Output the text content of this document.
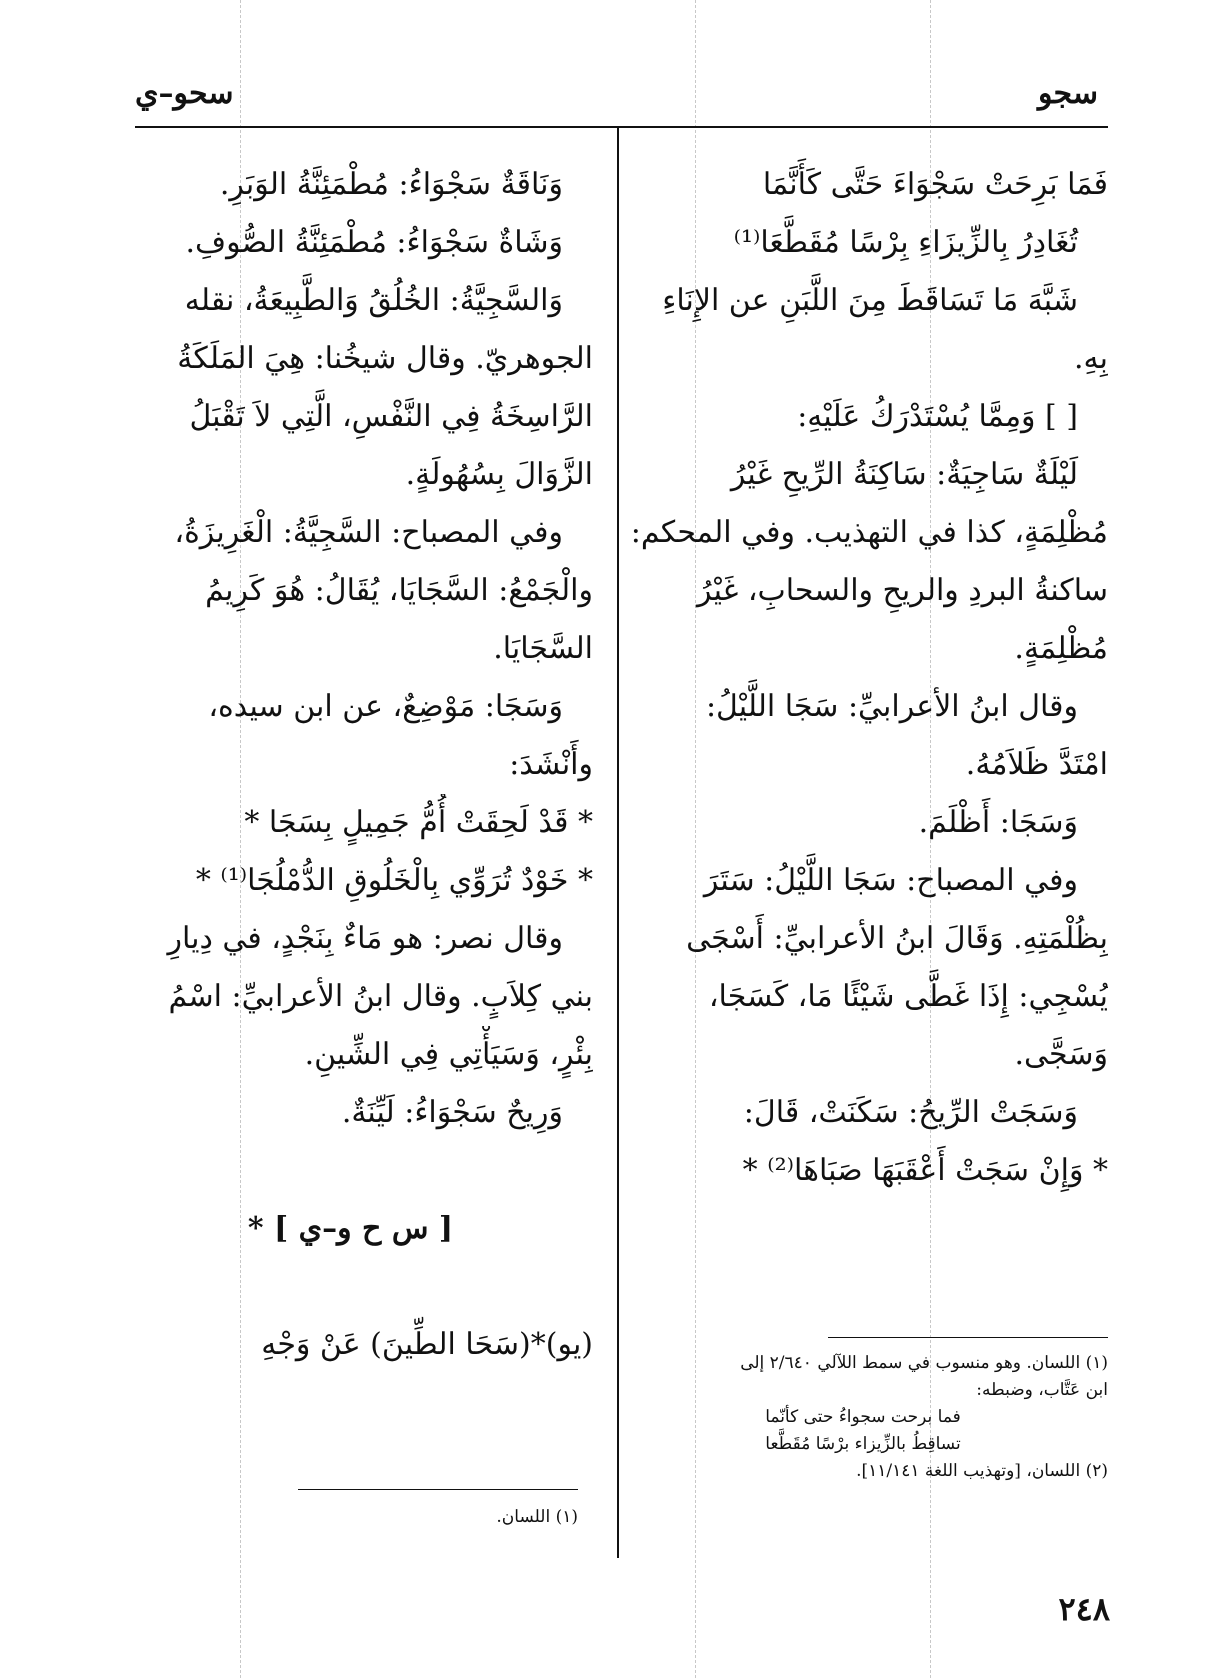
سجو
سحو–ي
فَمَا بَرِحَتْ سَجْوَاءَ حَتَّى كَأَنَّمَا
تُغَادِرُ بِالزِّيزَاءِ بِرْسًا مُقَطَّعَا⁽¹⁾
شَبَّهَ مَا تَسَاقَطَ مِنَ اللَّبَنِ عن الإِنَاءِ
بِهِ.
[ ] وَمِمَّا يُسْتَدْرَكُ عَلَيْهِ:
لَيْلَةٌ سَاجِيَةٌ: سَاكِنَةُ الرِّيحِ غَيْرُ
مُظْلِمَةٍ، كذا في التهذيب. وفي المحكم:
ساكنةُ البردِ والريحِ والسحابِ، غَيْرُ
مُظْلِمَةٍ.
وقال ابنُ الأعرابيِّ: سَجَا اللَّيْلُ:
امْتَدَّ ظَلاَمُهُ.
وَسَجَا: أَظْلَمَ.
وفي المصباح: سَجَا اللَّيْلُ: سَتَرَ
بِظُلْمَتِهِ. وَقَالَ ابنُ الأعرابيِّ: أَسْجَى
يُسْجِي: إِذَا غَطَّى شَيْئًا مَا، كَسَجَا،
وَسَجَّى.
وَسَجَتْ الرِّيحُ: سَكَنَتْ، قَالَ:
* وَإِنْ سَجَتْ أَعْقَبَهَا صَبَاهَا⁽²⁾ *
وَنَاقَةٌ سَجْوَاءُ: مُطْمَئِنَّةُ الوَبَرِ.
وَشَاةٌ سَجْوَاءُ: مُطْمَئِنَّةُ الصُّوفِ.
وَالسَّجِيَّةُ: الخُلُقُ وَالطَّبِيعَةُ، نقله
الجوهريّ. وقال شيخُنا: هِيَ المَلَكَةُ
الرَّاسِخَةُ فِي النَّفْسِ، الَّتِي لاَ تَقْبَلُ
الزَّوَالَ بِسُهُولَةٍ.
وفي المصباح: السَّجِيَّةُ: الْغَرِيزَةُ،
والْجَمْعُ: السَّجَايَا، يُقَالُ: هُوَ كَرِيمُ
السَّجَايَا.
وَسَجَا: مَوْضِعٌ، عن ابن سيده،
وأَنْشَدَ:
* قَدْ لَحِقَتْ أُمُّ جَمِيلٍ بِسَجَا *
* خَوْدٌ تُرَوِّي بِالْخَلُوقِ الدُّمْلُجَا⁽¹⁾ *
وقال نصر: هو مَاءٌ بِنَجْدٍ، في دِيارِ
بني كِلاَبٍ. وقال ابنُ الأعرابيِّ: اسْمُ
بِئْرٍ، وَسَيَأْتِي فِي الشِّينِ.
وَرِيحٌ سَجْوَاءُ: لَيِّنَةٌ.
[ س ح و–ي ] *
(يو)*(سَحَا الطِّينَ) عَنْ وَجْهِ
(١) اللسان. وهو منسوب في سمط اللآلي ٢/٦٤٠ إلى
ابن عَتَّاب، وضبطه:
فما برحت سجواءُ حتى كأنّما
تساقِطُ بالزِّيزاء برْسًا مُقَطَّعا
(٢) اللسان، [وتهذيب اللغة ١١/١٤١].
(١) اللسان.
٢٤٨
